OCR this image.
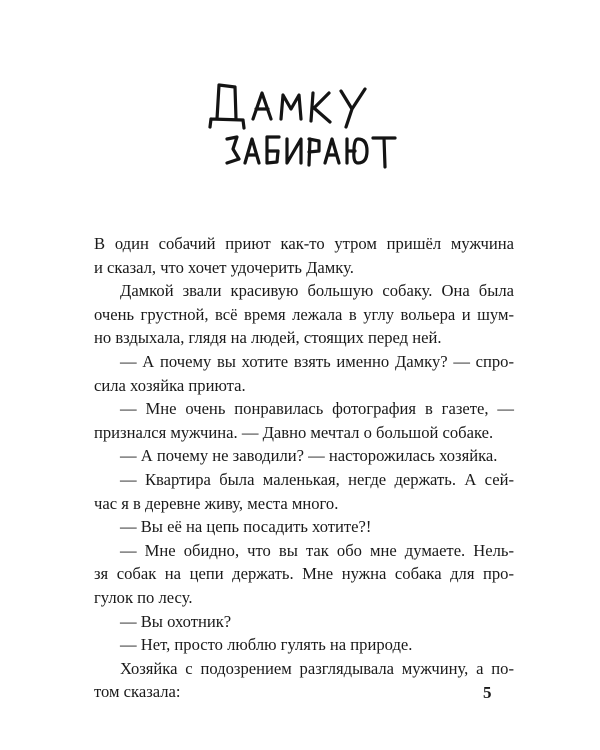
В один собачий приют как-то утром пришёл мужчина
и сказал, что хочет удочерить Дамку.
Дамкой звали красивую большую собаку. Она была
очень грустной, всё время лежала в углу вольера и шум-
но вздыхала, глядя на людей, стоящих перед ней.
— А почему вы хотите взять именно Дамку? — спро-
сила хозяйка приюта.
— Мне очень понравилась фотография в газете, —
признался мужчина. — Давно мечтал о большой собаке.
— А почему не заводили? — насторожилась хозяйка.
— Квартира была маленькая, негде держать. А сей-
час я в деревне живу, места много.
— Вы её на цепь посадить хотите?!
— Мне обидно, что вы так обо мне думаете. Нель-
зя собак на цепи держать. Мне нужна собака для про-
гулок по лесу.
— Вы охотник?
— Нет, просто люблю гулять на природе.
Хозяйка с подозрением разглядывала мужчину, а по-
том сказала:	5
